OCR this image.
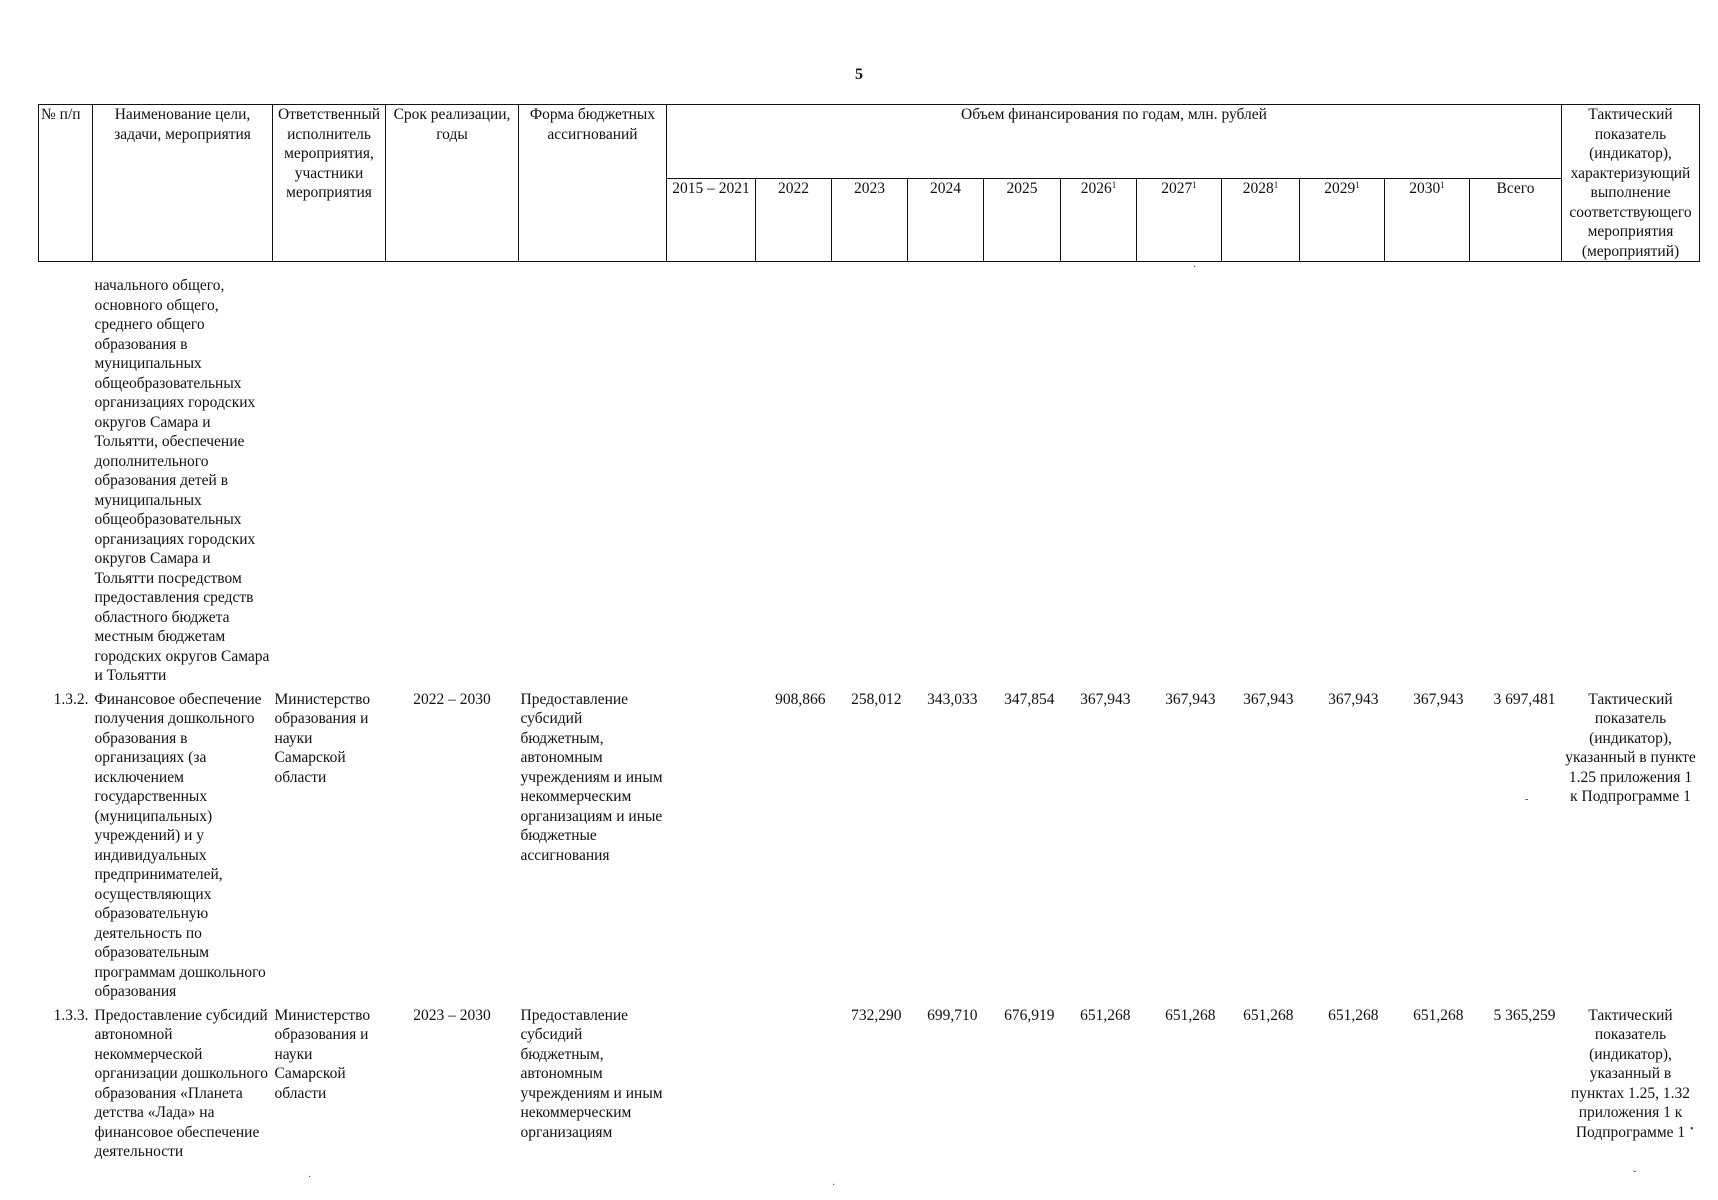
5
№ п/п	Наименование цели, задачи, мероприятия	Ответственный исполнитель мероприятия, участники мероприятия	Срок реализации, годы	Форма бюджетных ассигнований	Объем финансирования по годам, млн. рублей											Тактический показатель (индикатор), характеризующий выполнение соответствующего мероприятия (мероприятий)
					2015 – 2021	2022	2023	2024	2025	2026$^1$	2027$^1$	2028$^1$	2029$^1$	2030$^1$	Всего	

	начального общего, основного общего, среднего общего образования в муниципальных общеобразовательных организациях городских округов Самара и Тольятти, обеспечение дополнительного образования детей в муниципальных общеобразовательных организациях городских округов Самара и Тольятти посредством предоставления средств областного бюджета местным бюджетам городских округов Самара и Тольятти															

1.3.2.	Финансовое обеспечение получения дошкольного образования в организациях (за исключением государственных (муниципальных) учреждений) и у индивидуальных предпринимателей, осуществляющих образовательную деятельность по образовательным программам дошкольного образования	Министерство образования и науки Самарской области	2022 – 2030	Предоставление субсидий бюджетным, автономным учреждениям и иным некоммерческим организациям и иные бюджетные ассигнования		908,866	258,012	343,033	347,854	367,943	367,943	367,943	367,943	367,943	3 697,481	Тактический показатель (индикатор), указанный в пункте 1.25 приложения 1 к Подпрограмме 1

1.3.3.	Предоставление субсидий автономной некоммерческой организации дошкольного образования «Планета детства «Лада» на финансовое обеспечение деятельности	Министерство образования и науки Самарской области	2023 – 2030	Предоставление субсидий бюджетным, автономным учреждениям и иным некоммерческим организациям			732,290	699,710	676,919	651,268	651,268	651,268	651,268	651,268	5 365,259	Тактический показатель (индикатор), указанный в пунктах 1.25, 1.32 приложения 1 к Подпрограмме 1
·
-
•
ˇ
·
·
